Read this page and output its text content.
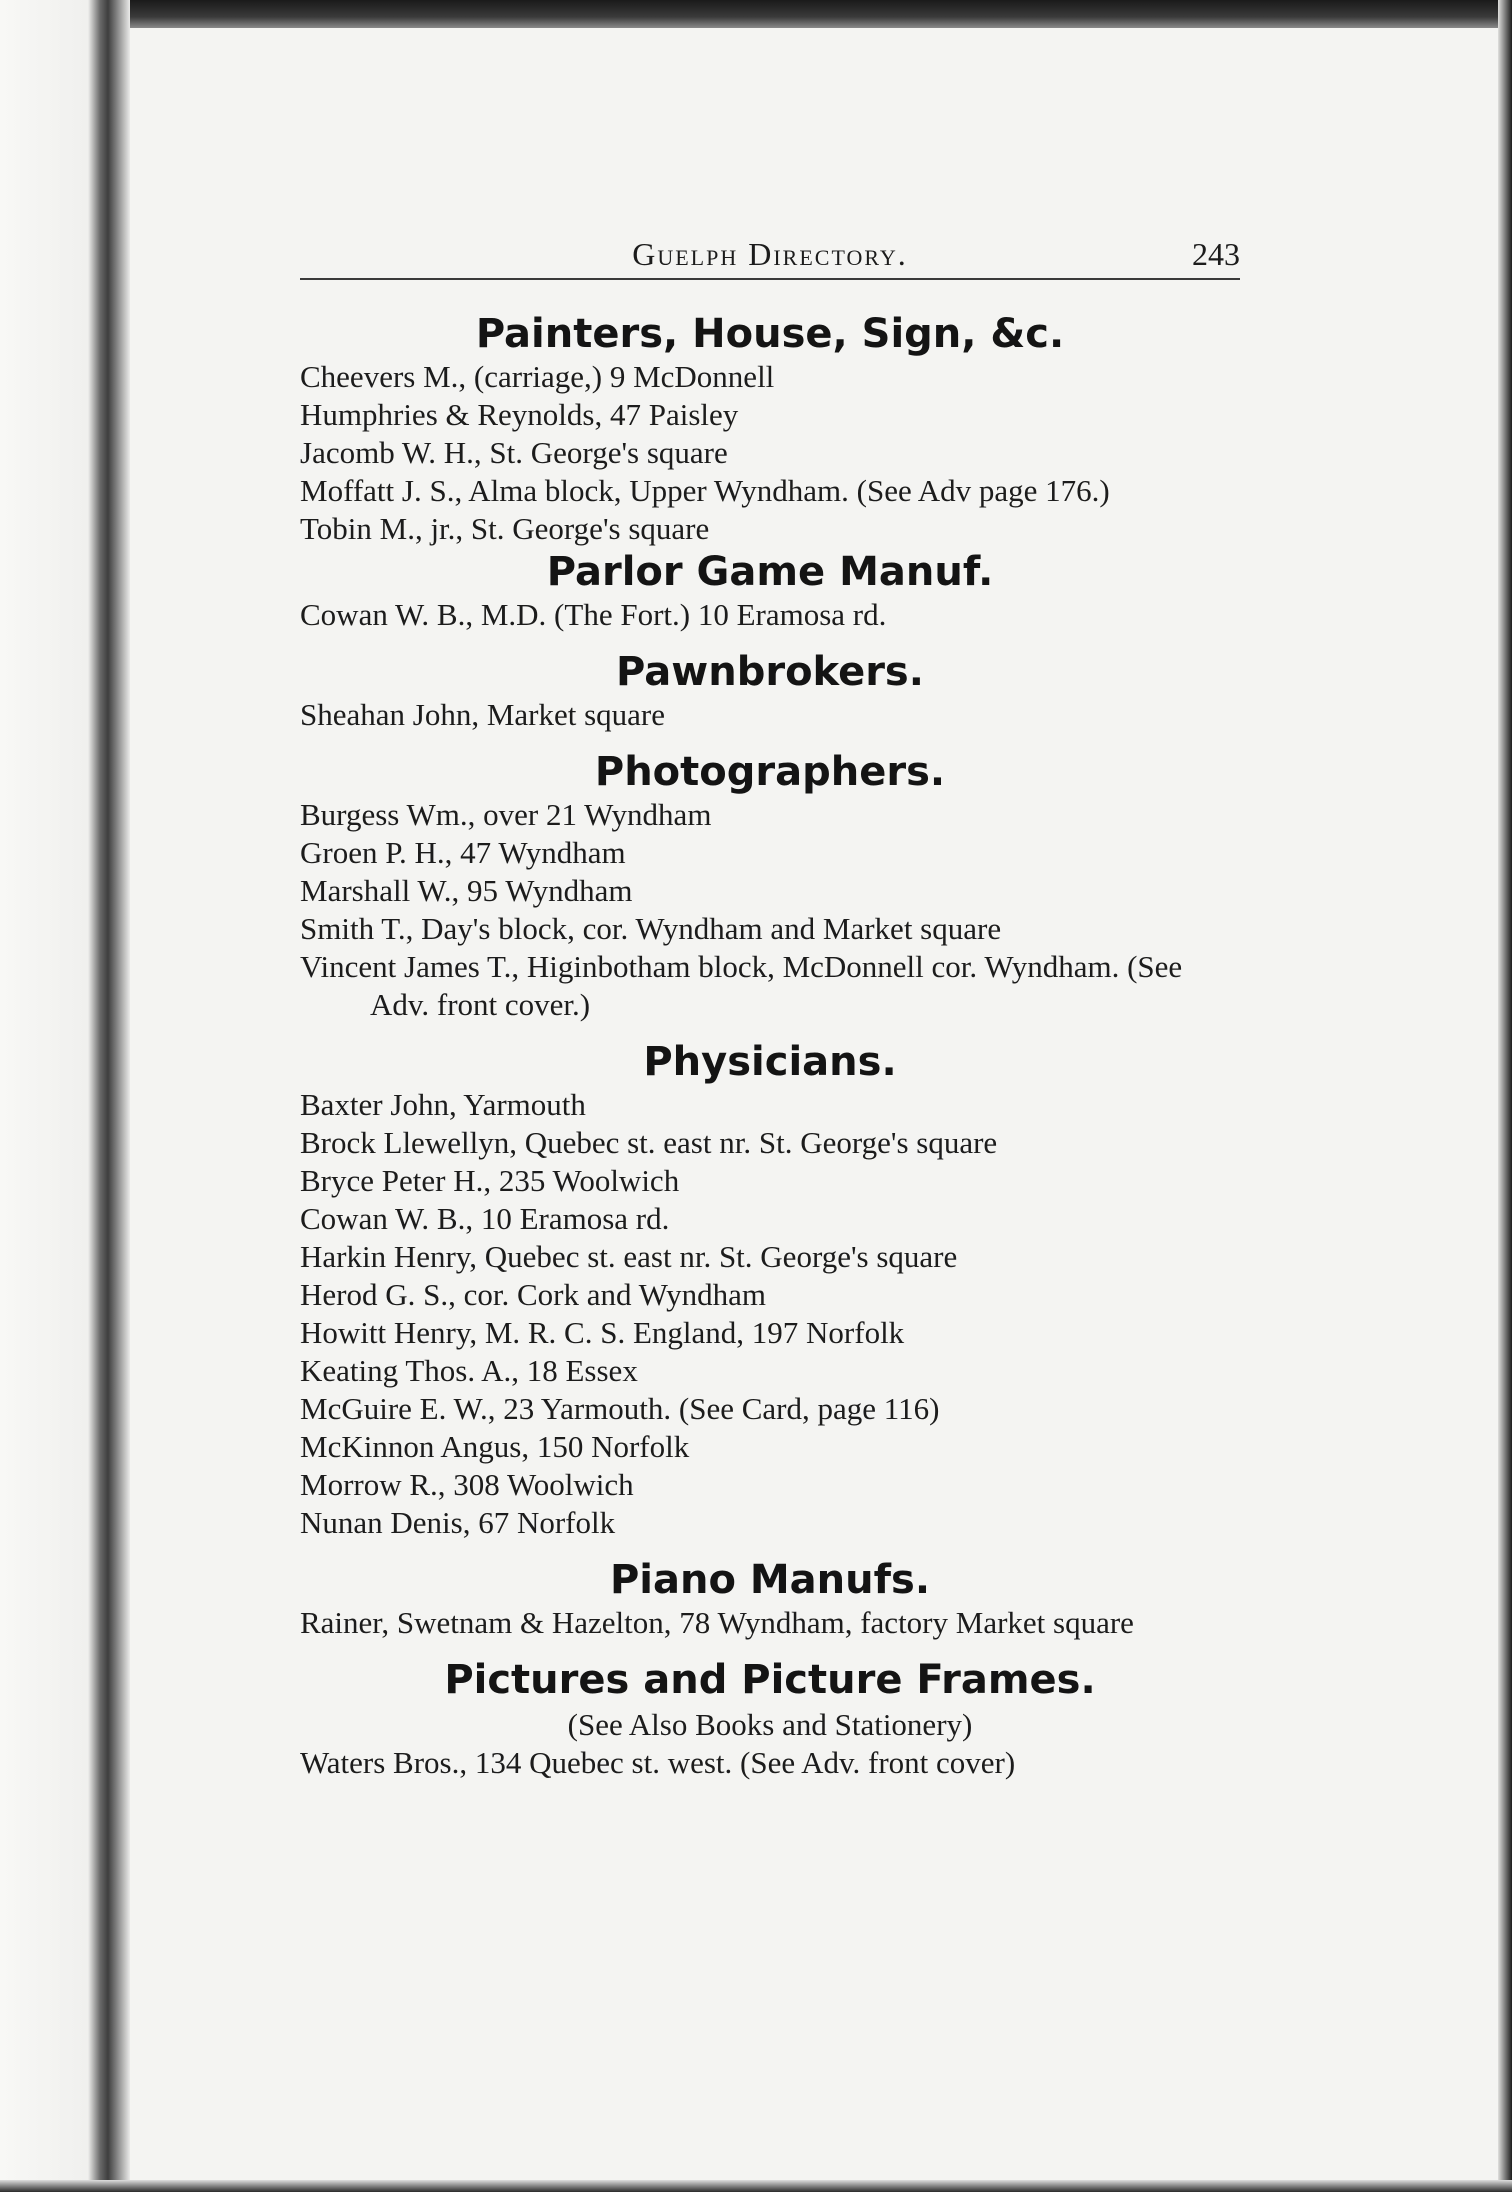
Guelph Directory.	243
Painters, House, Sign, &c.
Cheevers M., (carriage,) 9 McDonnell
Humphries & Reynolds, 47 Paisley
Jacomb W. H., St. George's square
Moffatt J. S., Alma block, Upper Wyndham. (See Adv page 176.)
Tobin M., jr., St. George's square
Parlor Game Manuf.
Cowan W. B., M.D. (The Fort.) 10 Eramosa rd.
Pawnbrokers.
Sheahan John, Market square
Photographers.
Burgess Wm., over 21 Wyndham
Groen P. H., 47 Wyndham
Marshall W., 95 Wyndham
Smith T., Day's block, cor. Wyndham and Market square
Vincent James T., Higinbotham block, McDonnell cor. Wyndham. (See Adv. front cover.)
Physicians.
Baxter John, Yarmouth
Brock Llewellyn, Quebec st. east nr. St. George's square
Bryce Peter H., 235 Woolwich
Cowan W. B., 10 Eramosa rd.
Harkin Henry, Quebec st. east nr. St. George's square
Herod G. S., cor. Cork and Wyndham
Howitt Henry, M. R. C. S. England, 197 Norfolk
Keating Thos. A., 18 Essex
McGuire E. W., 23 Yarmouth. (See Card, page 116)
McKinnon Angus, 150 Norfolk
Morrow R., 308 Woolwich
Nunan Denis, 67 Norfolk
Piano Manufs.
Rainer, Swetnam & Hazelton, 78 Wyndham, factory Market square
Pictures and Picture Frames.
(See Also Books and Stationery)
Waters Bros., 134 Quebec st. west. (See Adv. front cover)
